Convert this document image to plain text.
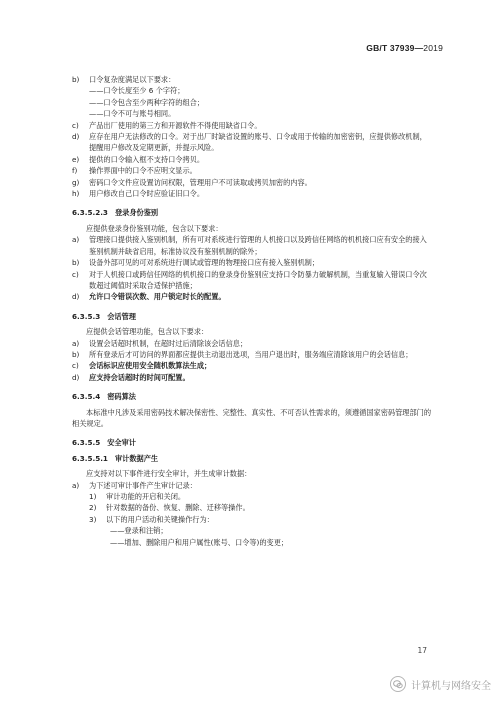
GB/T 37939—2019
b)	口令复杂度满足以下要求：
——口令长度至少 6 个字符；
——口令包含至少两种字符的组合；
——口令不可与账号相同。
c)	产品出厂使用的第三方和开源软件不得使用缺省口令。
d)	应存在用户无法修改的口令。对于出厂时缺省设置的账号、口令或用于传输的加密密钥，应提供修改机制，提醒用户修改及定期更新，并提示风险。
e)	提供的口令输入框不支持口令拷贝。
f)	操作界面中的口令不应明文显示。
g)	密码口令文件应设置访问权限，管理用户不可读取或拷贝加密的内容。
h)	用户修改自己口令时应验证旧口令。
6.3.5.2.3 登录身份鉴别
应提供登录身份鉴别功能，包含以下要求：
a)	管理接口提供接入鉴别机制，所有可对系统进行管理的人机接口以及跨信任网络的机机接口应有安全的接入鉴别机制并缺省启用，标准协议没有鉴别机制的除外；
b)	设备外部可见的可对系统进行调试或管理的物理接口应有接入鉴别机制；
c)	对于人机接口或跨信任网络的机机接口的登录身份鉴别应支持口令防暴力破解机制，当重复输入错误口令次数超过阈值时采取合适保护措施；
d)	允许口令错误次数、用户锁定时长的配置。
6.3.5.3 会话管理
应提供会话管理功能，包含以下要求：
a)	设置会话超时机制，在超时过后清除该会话信息；
b)	所有登录后才可访问的界面都应提供主动退出选项，当用户退出时，服务端应清除该用户的会话信息；
c)	会话标识应使用安全随机数算法生成；
d)	应支持会话超时的时间可配置。
6.3.5.4 密码算法
本标准中凡涉及采用密码技术解决保密性、完整性、真实性、不可否认性需求的，须遵循国家密码管理部门的相关规定。
6.3.5.5 安全审计
6.3.5.5.1 审计数据产生
应支持对以下事件进行安全审计，并生成审计数据：
a)	为下述可审计事件产生审计记录：
1)	审计功能的开启和关闭。
2)	针对数据的备份、恢复、删除、迁移等操作。
3)	以下的用户活动和关键操作行为：
——登录和注销；
——增加、删除用户和用户属性(账号、口令等)的变更；
17
计算机与网络安全
